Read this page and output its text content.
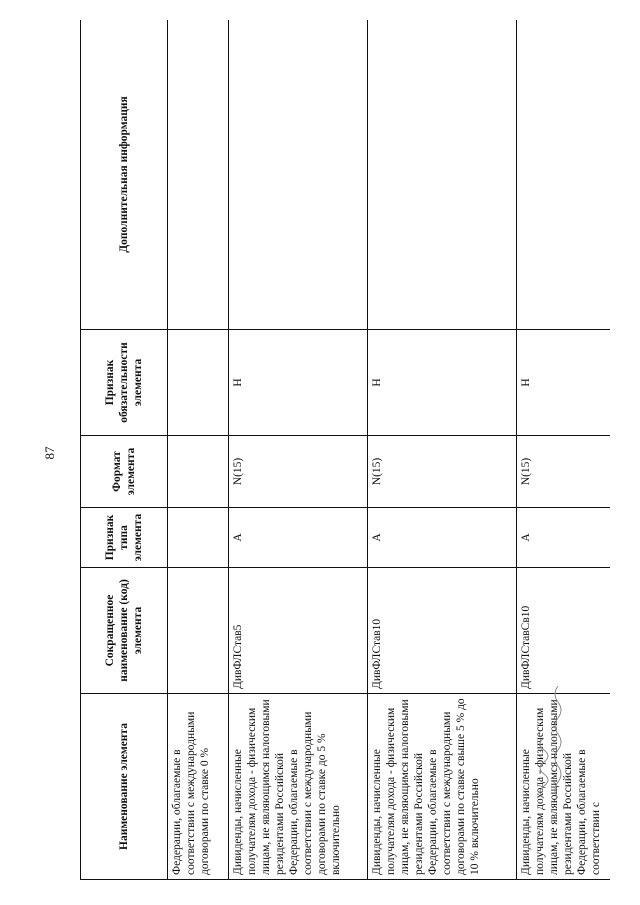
87
Наименование элемента	Сокращенное наименование (код) элемента	Признак типа элемента	Формат элемента	Признак обязательности элемента	Дополнительная информация
Федерации, облагаемые в соответствии с международными договорами по ставке 0 %					
Дивиденды, начисленные получателям дохода - физическим лицам, не являющимся налоговыми резидентами Российской Федерации, облагаемые в соответствии с международными договорами по ставке до 5 % включительно	ДивФЛСтав5	А	N(15)	Н	
Дивиденды, начисленные получателям дохода - физическим лицам, не являющимся налоговыми резидентами Российской Федерации, облагаемые в соответствии с международными договорами по ставке свыше 5 % до 10 % включительно	ДивФЛСтав10	А	N(15)	Н	
Дивиденды, начисленные получателям дохода - физическим лицам, не являющимся налоговыми резидентами Российской Федерации, облагаемые в соответствии с	ДивФЛСтавСв10	А	N(15)	Н	
